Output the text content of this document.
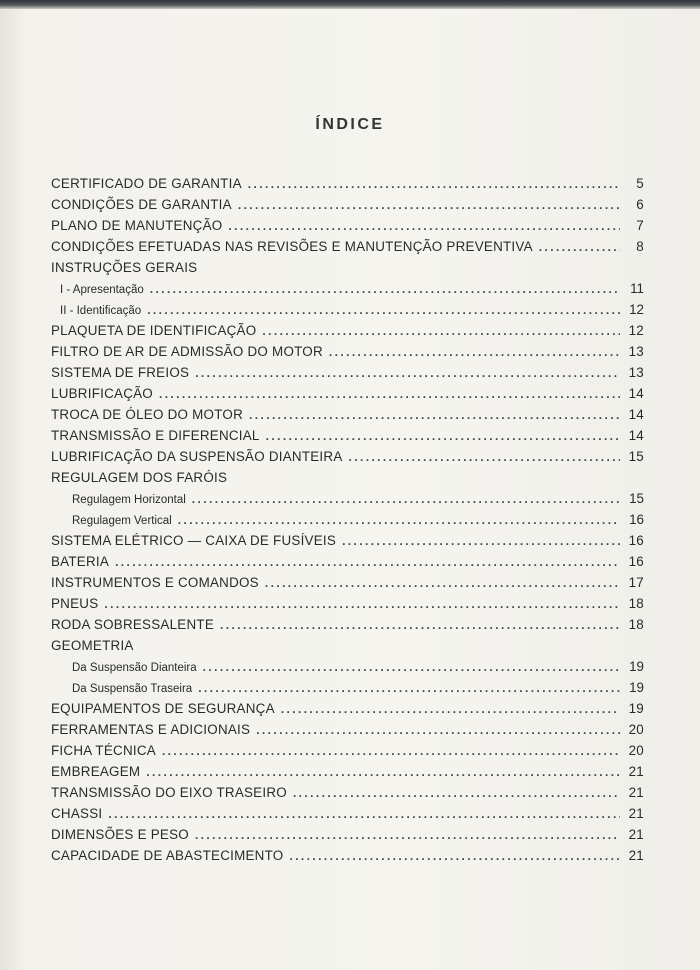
ÍNDICE
CERTIFICADO DE GARANTIA .....	5
CONDIÇÕES DE GARANTIA .....	6
PLANO DE MANUTENÇÃO .....	7
CONDIÇÕES EFETUADAS NAS REVISÕES E MANUTENÇÃO PREVENTIVA .....	8
INSTRUÇÕES GERAIS
I - Apresentação .....	11
II - Identificação .....	12
PLAQUETA DE IDENTIFICAÇÃO .....	12
FILTRO DE AR DE ADMISSÃO DO MOTOR .....	13
SISTEMA DE FREIOS .....	13
LUBRIFICAÇÃO .....	14
TROCA DE ÓLEO DO MOTOR .....	14
TRANSMISSÃO E DIFERENCIAL .....	14
LUBRIFICAÇÃO DA SUSPENSÃO DIANTEIRA .....	15
REGULAGEM DOS FARÓIS
Regulagem Horizontal .....	15
Regulagem Vertical .....	16
SISTEMA ELÉTRICO — CAIXA DE FUSÍVEIS .....	16
BATERIA .....	16
INSTRUMENTOS E COMANDOS .....	17
PNEUS .....	18
RODA SOBRESSALENTE .....	18
GEOMETRIA
Da Suspensão Dianteira .....	19
Da Suspensão Traseira .....	19
EQUIPAMENTOS DE SEGURANÇA .....	19
FERRAMENTAS E ADICIONAIS .....	20
FICHA TÉCNICA .....	20
EMBREAGEM .....	21
TRANSMISSÃO DO EIXO TRASEIRO .....	21
CHASSI .....	21
DIMENSÕES E PESO .....	21
CAPACIDADE DE ABASTECIMENTO .....	21
